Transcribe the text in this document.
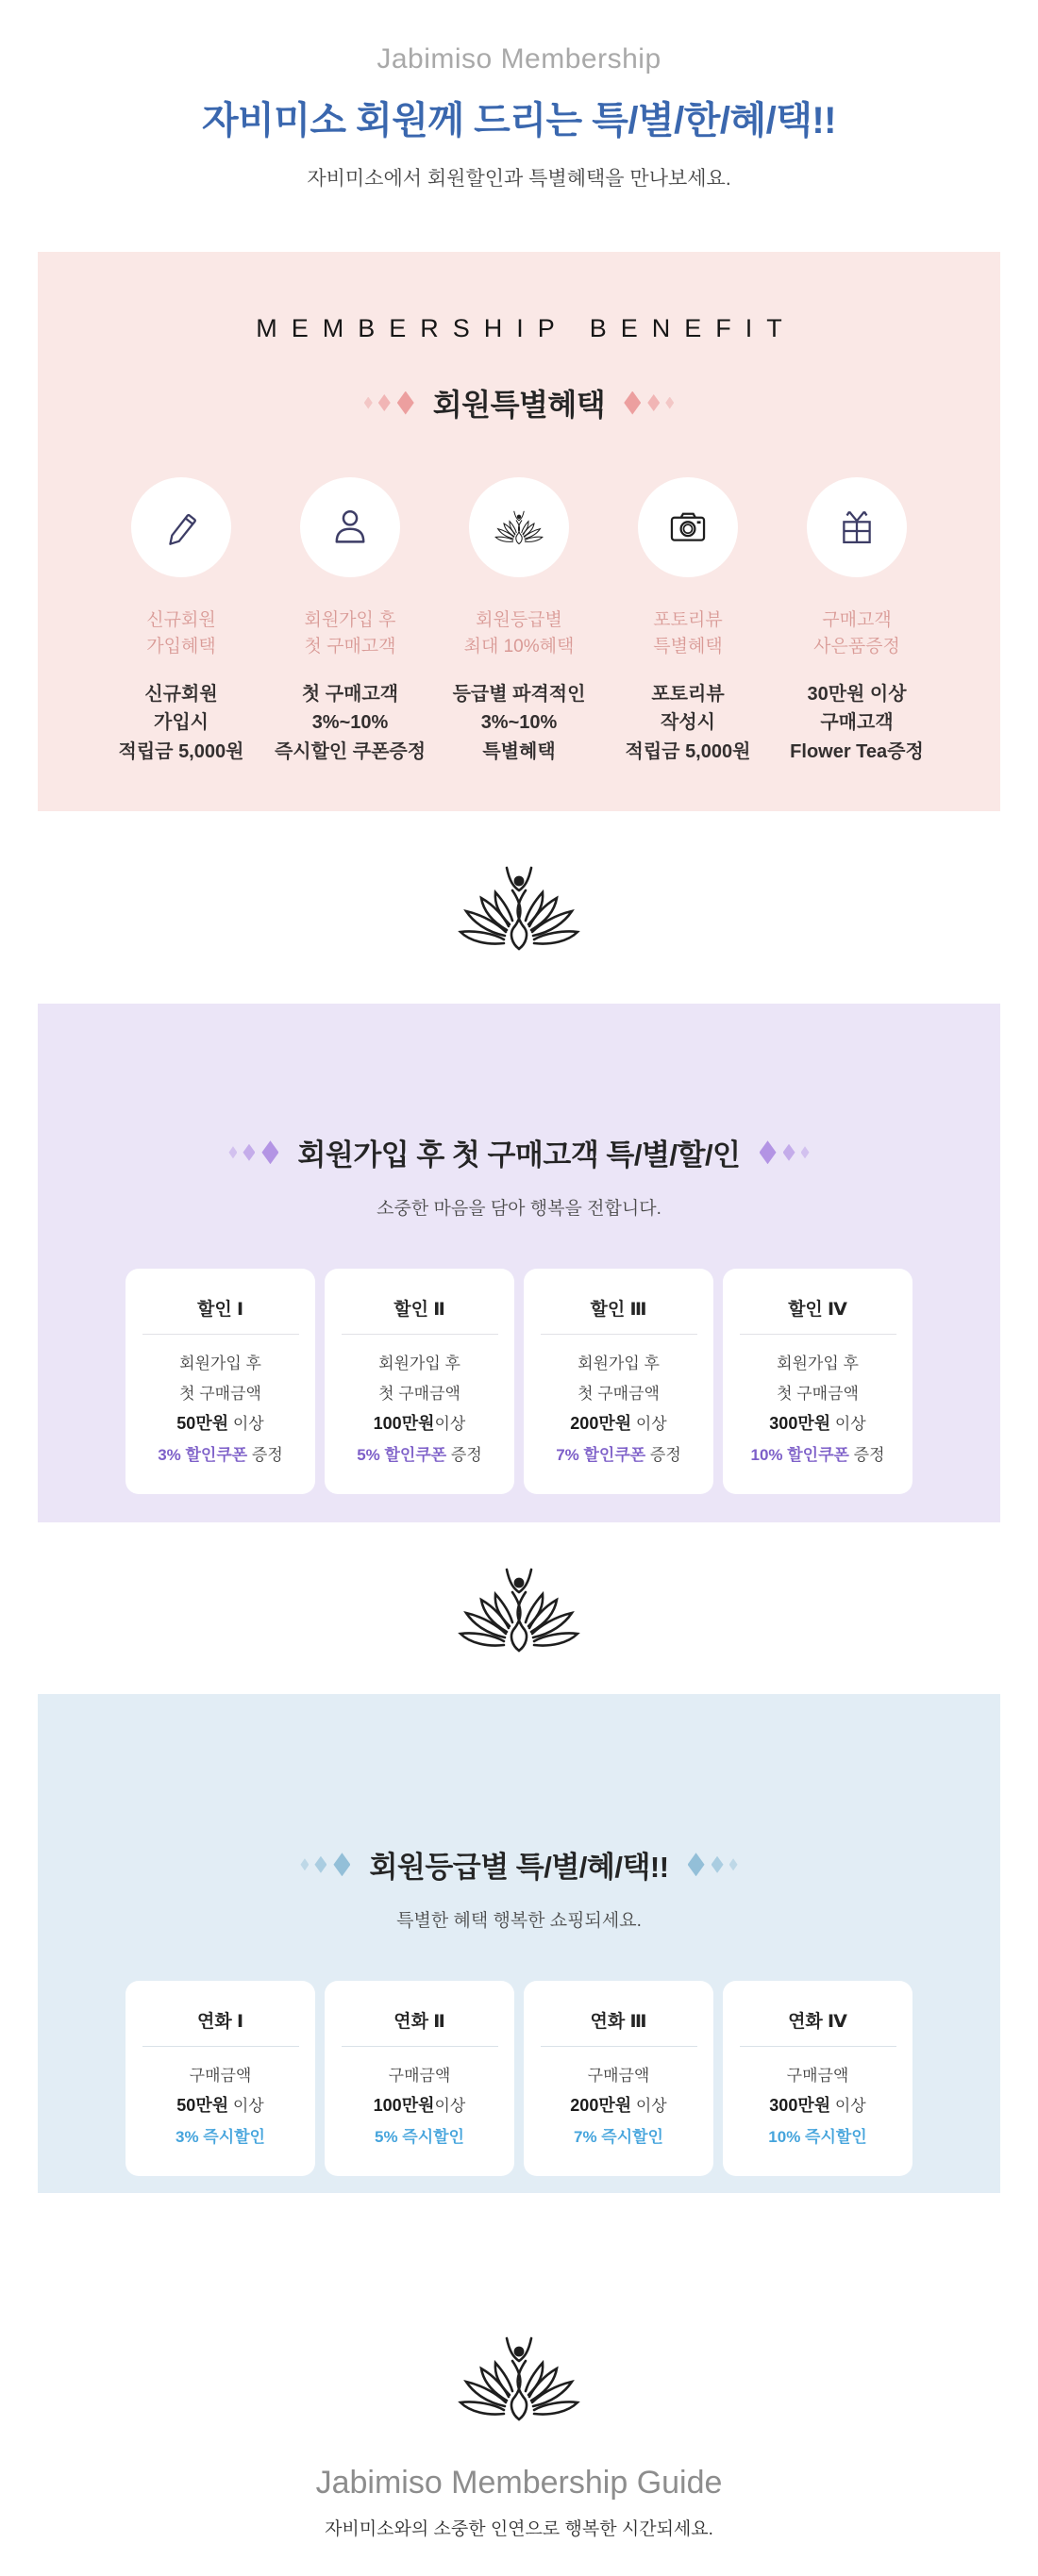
Jabimiso Membership
자비미소 회원께 드리는 특/별/한/혜/택!!
자비미소에서 회원할인과 특별혜택을 만나보세요.
MEMBERSHIP BENEFIT
회원특별혜택
신규회원
가입혜택
신규회원
가입시
적립금 5,000원
회원가입 후
첫 구매고객
첫 구매고객
3%~10%
즉시할인 쿠폰증정
회원등급별
최대 10%혜택
등급별 파격적인
3%~10%
특별혜택
포토리뷰
특별혜택
포토리뷰
작성시
적립금 5,000원
구매고객
사은품증정
30만원 이상
구매고객
Flower Tea증정
회원가입 후 첫 구매고객 특/별/할/인
소중한 마음을 담아 행복을 전합니다.
할인 Ⅰ
회원가입 후
첫 구매금액
50만원 이상
3% 할인쿠폰 증정
할인 Ⅱ
회원가입 후
첫 구매금액
100만원이상
5% 할인쿠폰 증정
할인 Ⅲ
회원가입 후
첫 구매금액
200만원 이상
7% 할인쿠폰 증정
할인 Ⅳ
회원가입 후
첫 구매금액
300만원 이상
10% 할인쿠폰 증정
회원등급별 특/별/혜/택!!
특별한 혜택 행복한 쇼핑되세요.
연화 Ⅰ
구매금액
50만원 이상
3% 즉시할인
연화 Ⅱ
구매금액
100만원이상
5% 즉시할인
연화 Ⅲ
구매금액
200만원 이상
7% 즉시할인
연화 Ⅳ
구매금액
300만원 이상
10% 즉시할인
Jabimiso Membership Guide
자비미소와의 소중한 인연으로 행복한 시간되세요.
